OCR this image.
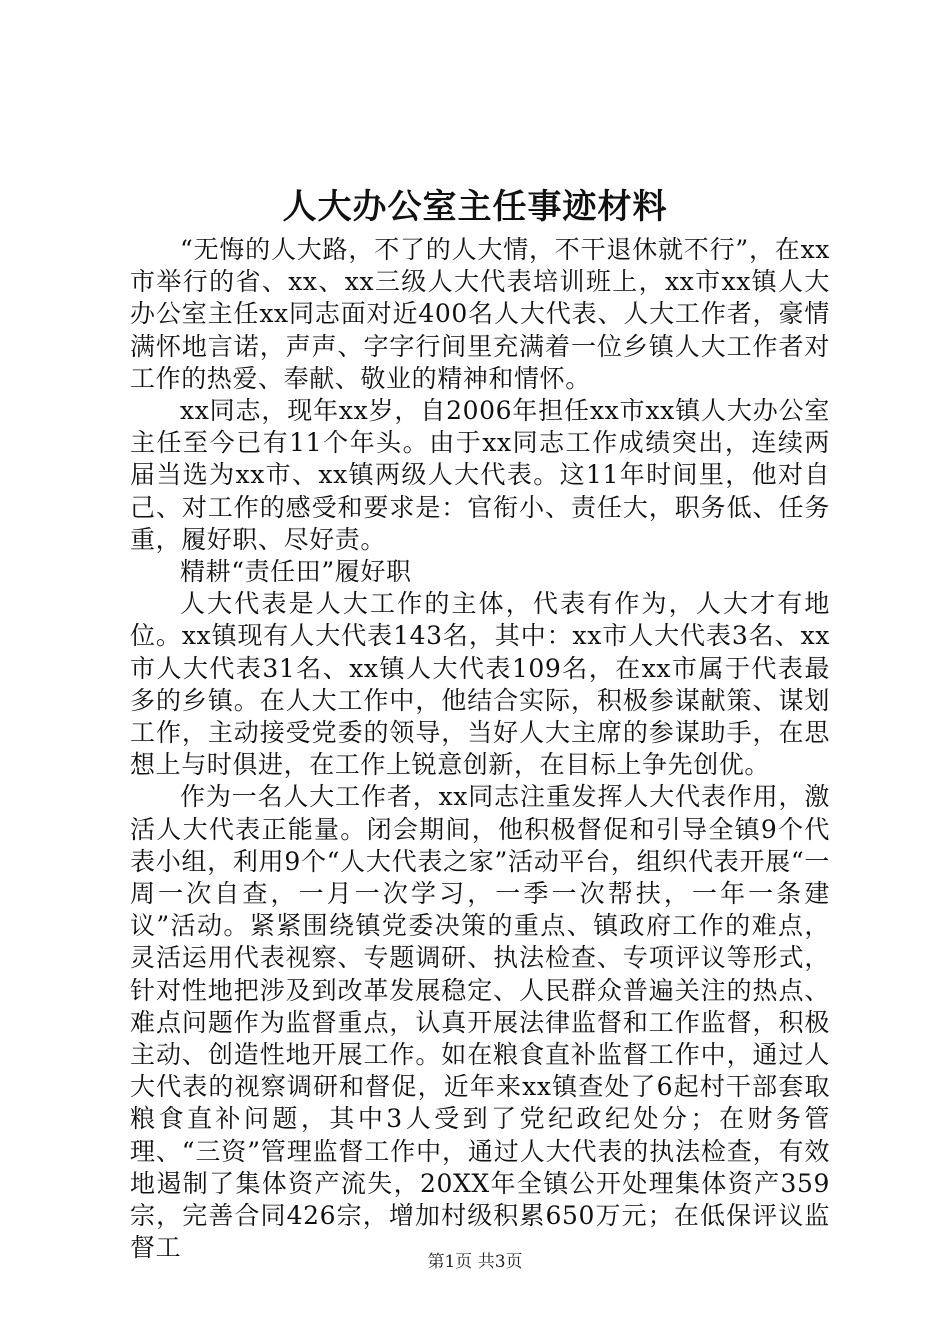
人大办公室主任事迹材料

“无悔的人大路，不了的人大情，不干退休就不行”，在xx市举行的省、xx、xx三级人大代表培训班上，xx市xx镇人大办公室主任xx同志面对近400名人大代表、人大工作者，豪情满怀地言诺，声声、字字行间里充满着一位乡镇人大工作者对工作的热爱、奉献、敬业的精神和情怀。

xx同志，现年xx岁，自2006年担任xx市xx镇人大办公室主任至今已有11个年头。由于xx同志工作成绩突出，连续两届当选为xx市、xx镇两级人大代表。这11年时间里，他对自己、对工作的感受和要求是：官衔小、责任大，职务低、任务重，履好职、尽好责。

精耕“责任田”履好职

人大代表是人大工作的主体，代表有作为，人大才有地位。xx镇现有人大代表143名，其中：xx市人大代表3名、xx市人大代表31名、xx镇人大代表109名，在xx市属于代表最多的乡镇。在人大工作中，他结合实际，积极参谋献策、谋划工作，主动接受党委的领导，当好人大主席的参谋助手，在思想上与时俱进，在工作上锐意创新，在目标上争先创优。

作为一名人大工作者，xx同志注重发挥人大代表作用，激活人大代表正能量。闭会期间，他积极督促和引导全镇9个代表小组，利用9个“人大代表之家”活动平台，组织代表开展“一周一次自查，一月一次学习，一季一次帮扶，一年一条建议”活动。紧紧围绕镇党委决策的重点、镇政府工作的难点，灵活运用代表视察、专题调研、执法检查、专项评议等形式，针对性地把涉及到改革发展稳定、人民群众普遍关注的热点、难点问题作为监督重点，认真开展法律监督和工作监督，积极主动、创造性地开展工作。如在粮食直补监督工作中，通过人大代表的视察调研和督促，近年来xx镇查处了6起村干部套取粮食直补问题，其中3人受到了党纪政纪处分；在财务管理、“三资”管理监督工作中，通过人大代表的执法检查，有效地遏制了集体资产流失，20XX年全镇公开处理集体资产359宗，完善合同426宗，增加村级积累650万元；在低保评议监督工	第1页 共3页
